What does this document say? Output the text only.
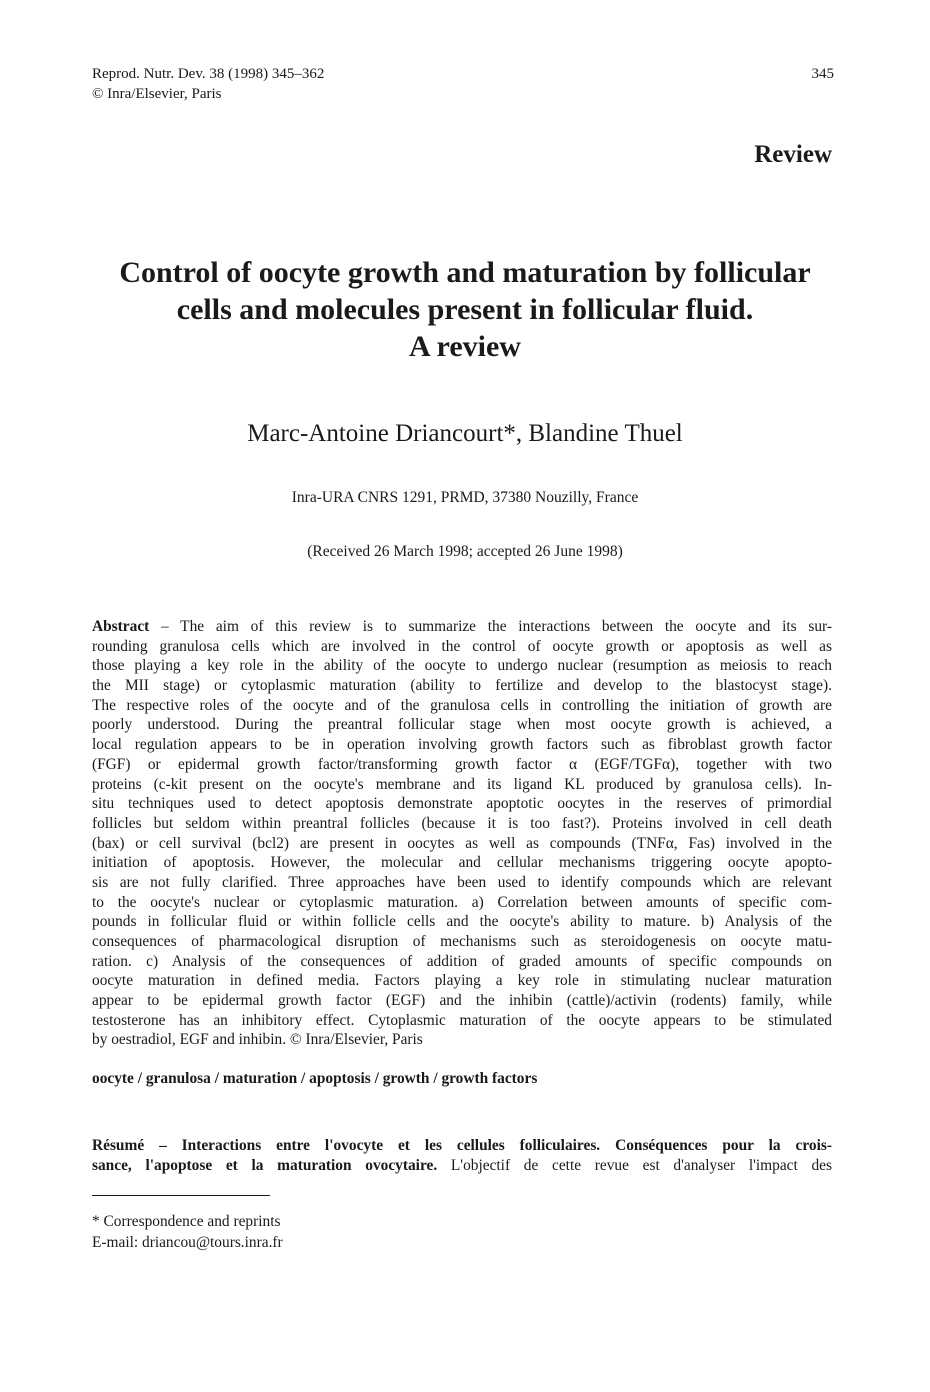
Reprod. Nutr. Dev. 38 (1998) 345–362
© Inra/Elsevier, Paris
345
Review
Control of oocyte growth and maturation by follicular
cells and molecules present in follicular fluid.
A review
Marc-Antoine Driancourt*, Blandine Thuel
Inra-URA CNRS 1291, PRMD, 37380 Nouzilly, France
(Received 26 March 1998; accepted 26 June 1998)
Abstract – The aim of this review is to summarize the interactions between the oocyte and its sur-
rounding granulosa cells which are involved in the control of oocyte growth or apoptosis as well as
those playing a key role in the ability of the oocyte to undergo nuclear (resumption as meiosis to reach
the MII stage) or cytoplasmic maturation (ability to fertilize and develop to the blastocyst stage).
The respective roles of the oocyte and of the granulosa cells in controlling the initiation of growth are
poorly understood. During the preantral follicular stage when most oocyte growth is achieved, a
local regulation appears to be in operation involving growth factors such as fibroblast growth factor
(FGF) or epidermal growth factor/transforming growth factor α (EGF/TGFα), together with two
proteins (c-kit present on the oocyte's membrane and its ligand KL produced by granulosa cells). In-
situ techniques used to detect apoptosis demonstrate apoptotic oocytes in the reserves of primordial
follicles but seldom within preantral follicles (because it is too fast?). Proteins involved in cell death
(bax) or cell survival (bcl2) are present in oocytes as well as compounds (TNFα, Fas) involved in the
initiation of apoptosis. However, the molecular and cellular mechanisms triggering oocyte apopto-
sis are not fully clarified. Three approaches have been used to identify compounds which are relevant
to the oocyte's nuclear or cytoplasmic maturation. a) Correlation between amounts of specific com-
pounds in follicular fluid or within follicle cells and the oocyte's ability to mature. b) Analysis of the
consequences of pharmacological disruption of mechanisms such as steroidogenesis on oocyte matu-
ration. c) Analysis of the consequences of addition of graded amounts of specific compounds on
oocyte maturation in defined media. Factors playing a key role in stimulating nuclear maturation
appear to be epidermal growth factor (EGF) and the inhibin (cattle)/activin (rodents) family, while
testosterone has an inhibitory effect. Cytoplasmic maturation of the oocyte appears to be stimulated
by oestradiol, EGF and inhibin. © Inra/Elsevier, Paris
oocyte / granulosa / maturation / apoptosis / growth / growth factors
Résumé – Interactions entre l'ovocyte et les cellules folliculaires. Conséquences pour la crois-
sance, l'apoptose et la maturation ovocytaire. L'objectif de cette revue est d'analyser l'impact des
* Correspondence and reprints
E-mail: driancou@tours.inra.fr
